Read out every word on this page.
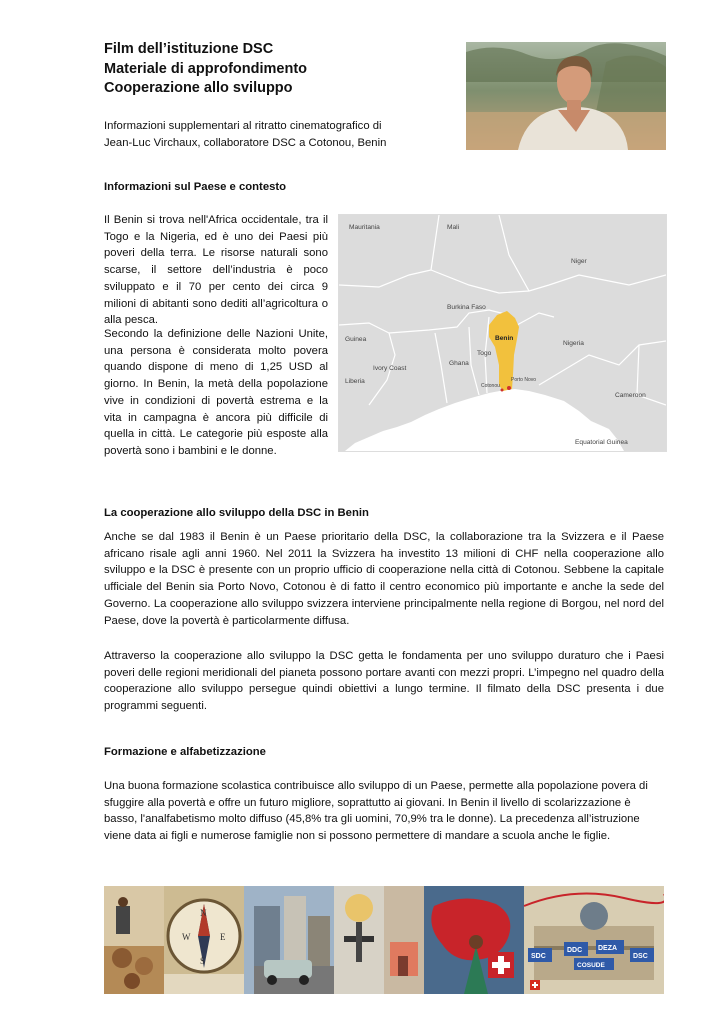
Film dell’istituzione DSC
Materiale di approfondimento
Cooperazione allo sviluppo
Informazioni supplementari al ritratto cinematografico di
Jean-Luc Virchaux, collaboratore DSC a Cotonou, Benin
Informazioni sul Paese e contesto
Il Benin si trova nell'Africa occidentale, tra il Togo e la Nigeria, ed è uno dei Paesi più poveri della terra. Le risorse naturali sono scarse, il settore dell’industria è poco sviluppato e il 70 per cento dei circa 9 milioni di abitanti sono dediti all’agricoltura o alla pesca.
Secondo la definizione delle Nazioni Unite, una persona è considerata molto povera quando dispone di meno di 1,25 USD al giorno. In Benin, la metà della popolazione vive in condizioni di povertà estrema e la vita in campagna è ancora più difficile di quella in città. Le categorie più esposte alla povertà sono i bambini e le donne.
Mauritania	Mali
Niger
Burkina Faso
Guinea	Benin
Togo
Nigeria
Ghana
Ivory Coast
Liberia	Porto Novo
Cotonou
Cameroon
Equatorial Guinea
La cooperazione allo sviluppo della DSC in Benin
Anche se dal 1983 il Benin è un Paese prioritario della DSC, la collaborazione tra la Svizzera e il Paese africano risale agli anni 1960. Nel 2011 la Svizzera ha investito 13 milioni di CHF nella cooperazione allo sviluppo e la DSC è presente con un proprio ufficio di cooperazione nella città di Cotonou. Sebbene la capitale ufficiale del Benin sia Porto Novo, Cotonou è di fatto il centro economico più importante e anche la sede del Governo. La cooperazione allo sviluppo svizzera interviene principalmente nella regione di Borgou, nel nord del Paese, dove la povertà è particolarmente diffusa.
Attraverso la cooperazione allo sviluppo la DSC getta le fondamenta per uno sviluppo duraturo che i Paesi poveri delle regioni meridionali del pianeta possono portare avanti con mezzi propri. L’impegno nel quadro della cooperazione allo sviluppo persegue quindi obiettivi a lungo termine. Il filmato della DSC presenta i due programmi seguenti.
Formazione e alfabetizzazione
Una buona formazione scolastica contribuisce allo sviluppo di un Paese, permette alla popolazione povera di sfuggire alla povertà e offre un futuro migliore, soprattutto ai giovani. In Benin il livello di scolarizzazione è basso, l'analfabetismo molto diffuso (45,8% tra gli uomini, 70,9% tra le donne). La precedenza all’istruzione viene data ai figli e numerose famiglie non si possono permettere di mandare a scuola anche le figlie.
N
W	E
S	SDC
DDC DEZA
DSC
COSUDE
